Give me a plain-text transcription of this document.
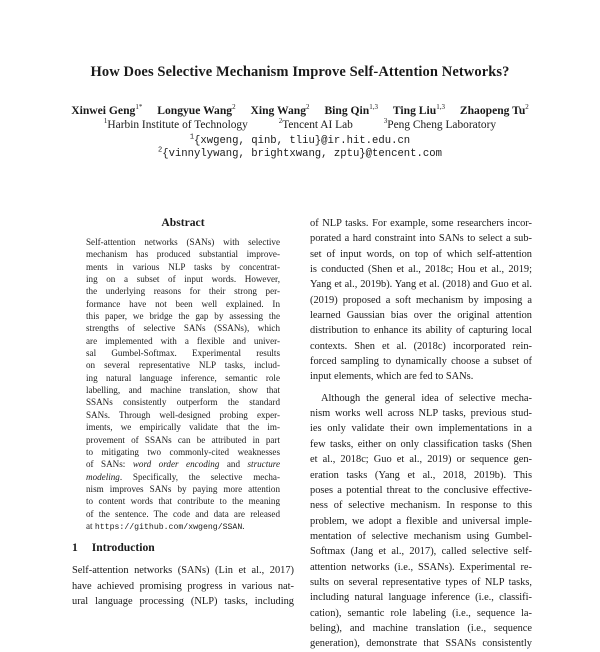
How Does Selective Mechanism Improve Self-Attention Networks?
Xinwei Geng$^{1*}$ Longyue Wang$^2$ Xing Wang$^2$ Bing Qin$^{1,3}$ Ting Liu$^{1,3}$ Zhaopeng Tu$^2$
$^1$Harbin Institute of Technology	$^2$Tencent AI Lab	$^3$Peng Cheng Laboratory
$^1${xwgeng, qinb, tliu}@ir.hit.edu.cn
$^2${vinnylywang, brightxwang, zptu}@tencent.com
Abstract
Self-attention networks (SANs) with selective
mechanism has produced substantial improve-
ments in various NLP tasks by concentrat-
ing on a subset of input words. However,
the underlying reasons for their strong per-
formance have not been well explained. In
this paper, we bridge the gap by assessing the
strengths of selective SANs (SSANs), which
are implemented with a flexible and univer-
sal Gumbel-Softmax. Experimental results
on several representative NLP tasks, includ-
ing natural language inference, semantic role
labelling, and machine translation, show that
SSANs consistently outperform the standard
SANs. Through well-designed probing exper-
iments, we empirically validate that the im-
provement of SSANs can be attributed in part
to mitigating two commonly-cited weaknesses
of SANs: word order encoding and structure
modeling. Specifically, the selective mecha-
nism improves SANs by paying more attention
to content words that contribute to the meaning
of the sentence. The code and data are released
at https://github.com/xwgeng/SSAN.
1 Introduction
Self-attention networks (SANs) (Lin et al., 2017)
have achieved promising progress in various nat-
ural language processing (NLP) tasks, including
of NLP tasks. For example, some researchers incor-
porated a hard constraint into SANs to select a sub-
set of input words, on top of which self-attention
is conducted (Shen et al., 2018c; Hou et al., 2019;
Yang et al., 2019b). Yang et al. (2018) and Guo et al.
(2019) proposed a soft mechanism by imposing a
learned Gaussian bias over the original attention
distribution to enhance its ability of capturing local
contexts. Shen et al. (2018c) incorporated rein-
forced sampling to dynamically choose a subset of
input elements, which are fed to SANs.
Although the general idea of selective mecha-
nism works well across NLP tasks, previous stud-
ies only validate their own implementations in a
few tasks, either on only classification tasks (Shen
et al., 2018c; Guo et al., 2019) or sequence gen-
eration tasks (Yang et al., 2018, 2019b). This
poses a potential threat to the conclusive effective-
ness of selective mechanism. In response to this
problem, we adopt a flexible and universal imple-
mentation of selective mechanism using Gumbel-
Softmax (Jang et al., 2017), called selective self-
attention networks (i.e., SSANs). Experimental re-
sults on several representative types of NLP tasks,
including natural language inference (i.e., classifi-
cation), semantic role labeling (i.e., sequence la-
beling), and machine translation (i.e., sequence
generation), demonstrate that SSANs consistently
